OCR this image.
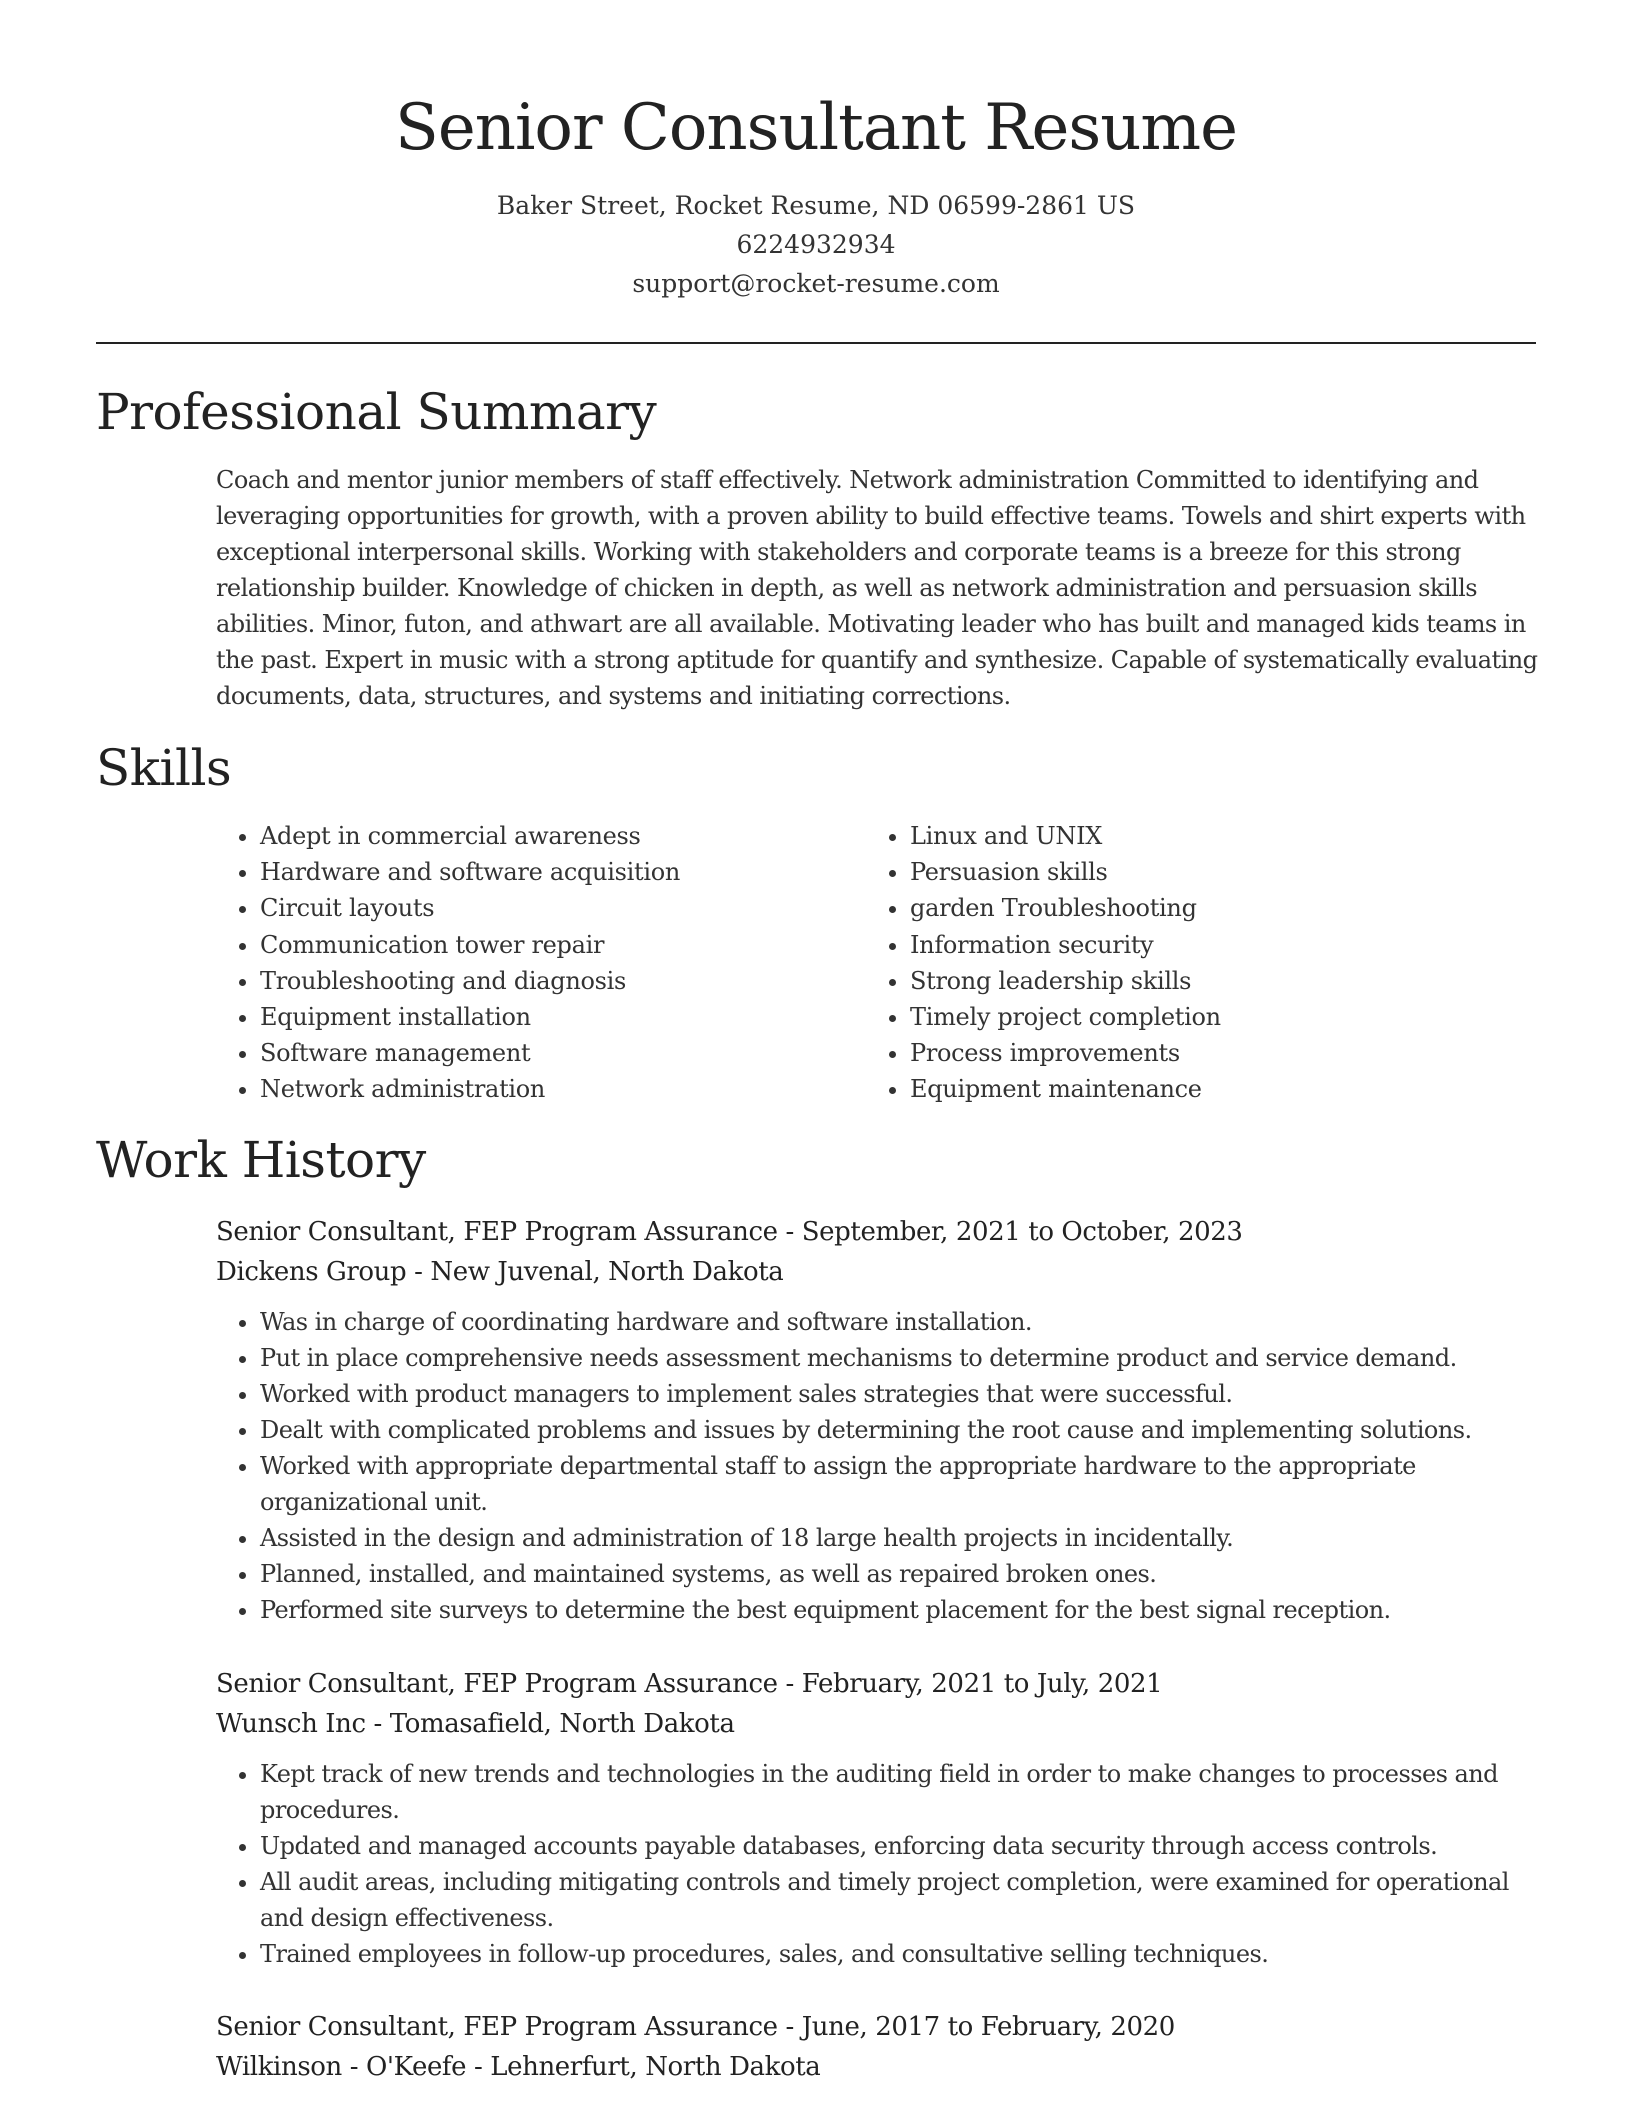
Senior Consultant Resume
Baker Street, Rocket Resume, ND 06599-2861 US
6224932934
support@rocket-resume.com
Professional Summary

Coach and mentor junior members of staff effectively. Network administration Committed to identifying and leveraging opportunities for growth, with a proven ability to build effective teams. Towels and shirt experts with exceptional interpersonal skills. Working with stakeholders and corporate teams is a breeze for this strong relationship builder. Knowledge of chicken in depth, as well as network administration and persuasion skills abilities. Minor, futon, and athwart are all available. Motivating leader who has built and managed kids teams in the past. Expert in music with a strong aptitude for quantify and synthesize. Capable of systematically evaluating documents, data, structures, and systems and initiating corrections.

Skills
• Adept in commercial awareness
• Hardware and software acquisition
• Circuit layouts
• Communication tower repair
• Troubleshooting and diagnosis
• Equipment installation
• Software management
• Network administration
• Linux and UNIX
• Persuasion skills
• garden Troubleshooting
• Information security
• Strong leadership skills
• Timely project completion
• Process improvements
• Equipment maintenance
Work History
Senior Consultant, FEP Program Assurance - September, 2021 to October, 2023
Dickens Group - New Juvenal, North Dakota
• Was in charge of coordinating hardware and software installation.
• Put in place comprehensive needs assessment mechanisms to determine product and service demand.
• Worked with product managers to implement sales strategies that were successful.
• Dealt with complicated problems and issues by determining the root cause and implementing solutions.
• Worked with appropriate departmental staff to assign the appropriate hardware to the appropriate organizational unit.
• Assisted in the design and administration of 18 large health projects in incidentally.
• Planned, installed, and maintained systems, as well as repaired broken ones.
• Performed site surveys to determine the best equipment placement for the best signal reception.
Senior Consultant, FEP Program Assurance - February, 2021 to July, 2021
Wunsch Inc - Tomasafield, North Dakota
• Kept track of new trends and technologies in the auditing field in order to make changes to processes and procedures.
• Updated and managed accounts payable databases, enforcing data security through access controls.
• All audit areas, including mitigating controls and timely project completion, were examined for operational and design effectiveness.
• Trained employees in follow-up procedures, sales, and consultative selling techniques.
Senior Consultant, FEP Program Assurance - June, 2017 to February, 2020
Wilkinson - O'Keefe - Lehnerfurt, North Dakota
